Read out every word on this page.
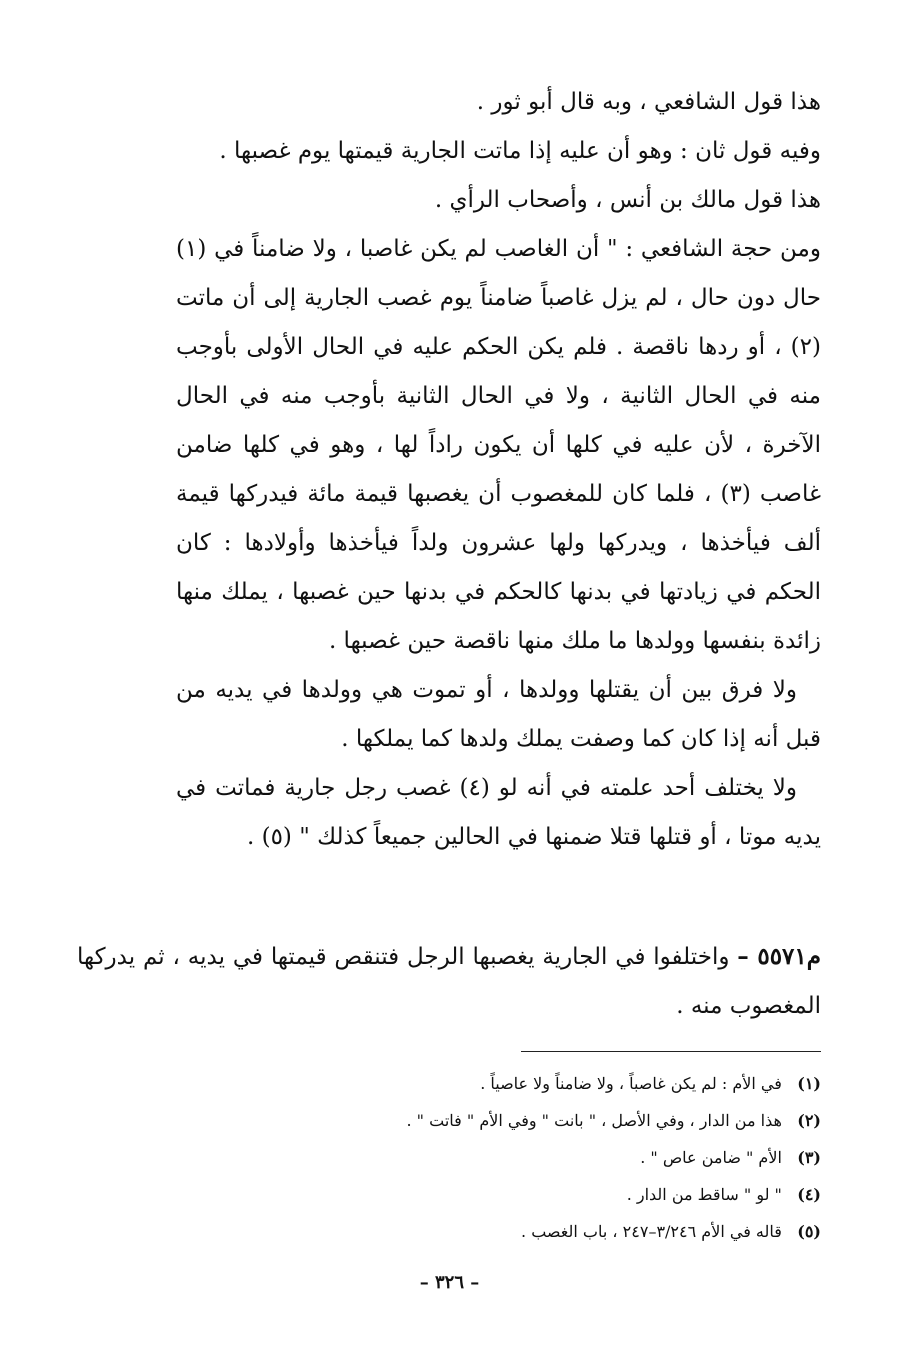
هذا قول الشافعي ، وبه قال أبو ثور .

وفيه قول ثان : وهو أن عليه إذا ماتت الجارية قيمتها يوم غصبها .

هذا قول مالك بن أنس ، وأصحاب الرأي .

ومن حجة الشافعي : " أن الغاصب لم يكن غاصبا ، ولا ضامناً في (١) حال دون حال ، لم يزل غاصباً ضامناً يوم غصب الجارية إلى أن ماتت (٢) ، أو ردها ناقصة . فلم يكن الحكم عليه في الحال الأولى بأوجب منه في الحال الثانية ، ولا في الحال الثانية بأوجب منه في الحال الآخرة ، لأن عليه في كلها أن يكون راداً لها ، وهو في كلها ضامن غاصب (٣) ، فلما كان للمغصوب أن يغصبها قيمة مائة فيدركها قيمة ألف فيأخذها ، ويدركها ولها عشرون ولداً فيأخذها وأولادها : كان الحكم في زيادتها في بدنها كالحكم في بدنها حين غصبها ، يملك منها زائدة بنفسها وولدها ما ملك منها ناقصة حين غصبها .

ولا فرق بين أن يقتلها وولدها ، أو تموت هي وولدها في يديه من قبل أنه إذا كان كما وصفت يملك ولدها كما يملكها .

ولا يختلف أحد علمته في أنه لو (٤) غصب رجل جارية فماتت في يديه موتا ، أو قتلها قتلا ضمنها في الحالين جميعاً كذلك " (٥) .

م٥٥٧١ – واختلفوا في الجارية يغصبها الرجل فتنقص قيمتها في يديه ، ثم يدركها المغصوب منه .

(١) في الأم : لم يكن غاصباً ، ولا ضامناً ولا عاصياً .

(٢) هذا من الدار ، وفي الأصل ، " بانت " وفي الأم " فاتت " .

(٣) الأم " ضامن عاص " .

(٤) " لو " ساقط من الدار .

(٥) قاله في الأم ٣/٢٤٦–٢٤٧ ، باب الغصب .

– ٣٢٦ –
